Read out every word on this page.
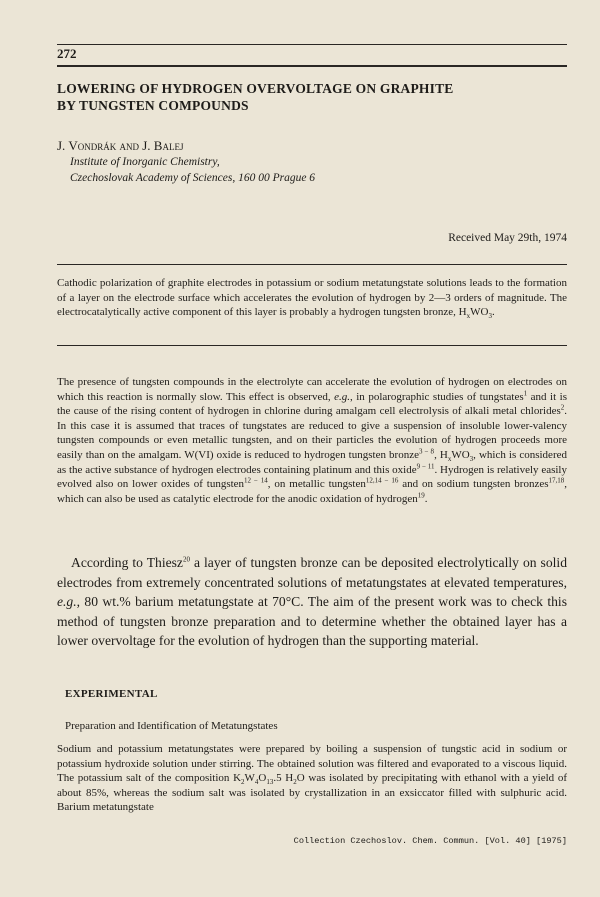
272
LOWERING OF HYDROGEN OVERVOLTAGE ON GRAPHITE
BY TUNGSTEN COMPOUNDS
J. Vondrák and J. Balej
Institute of Inorganic Chemistry,
Czechoslovak Academy of Sciences, 160 00 Prague 6
Received May 29th, 1974
Cathodic polarization of graphite electrodes in potassium or sodium metatungstate solutions leads to the formation of a layer on the electrode surface which accelerates the evolution of hydrogen by 2—3 orders of magnitude. The electrocatalytically active component of this layer is probably a hydrogen tungsten bronze, $H_xWO_3$.
The presence of tungsten compounds in the electrolyte can accelerate the evolution of hydrogen on electrodes on which this reaction is normally slow. This effect is observed, e.g., in polarographic studies of tungstates$^1$ and it is the cause of the rising content of hydrogen in chlorine during amalgam cell electrolysis of alkali metal chlorides$^2$. In this case it is assumed that traces of tungstates are reduced to give a suspension of insoluble lower-valency tungsten compounds or even metallic tungsten, and on their particles the evolution of hydrogen proceeds more easily than on the amalgam. W(VI) oxide is reduced to hydrogen tungsten bronze$^{3 - 8}$, $H_xWO_3$, which is considered as the active substance of hydrogen electrodes containing platinum and this oxide$^{9 - 11}$. Hydrogen is relatively easily evolved also on lower oxides of tungsten$^{12 - 14}$, on metallic tungsten$^{12,14 - 16}$ and on sodium tungsten bronzes$^{17,18}$, which can also be used as catalytic electrode for the anodic oxidation of hydrogen$^{19}$.
According to Thiesz$^{20}$ a layer of tungsten bronze can be deposited electrolytically on solid electrodes from extremely concentrated solutions of metatungstates at elevated temperatures, e.g., 80 wt.% barium metatungstate at 70°C. The aim of the present work was to check this method of tungsten bronze preparation and to determine whether the obtained layer has a lower overvoltage for the evolution of hydrogen than the supporting material.
EXPERIMENTAL
Preparation and Identification of Metatungstates
Sodium and potassium metatungstates were prepared by boiling a suspension of tungstic acid in sodium or potassium hydroxide solution under stirring. The obtained solution was filtered and evaporated to a viscous liquid. The potassium salt of the composition $K_2W_4O_{13}.5$ $H_2O$ was isolated by precipitating with ethanol with a yield of about 85%, whereas the sodium salt was isolated by crystallization in an exsiccator filled with sulphuric acid. Barium metatungstate
Collection Czechoslov. Chem. Commun. [Vol. 40] [1975]
